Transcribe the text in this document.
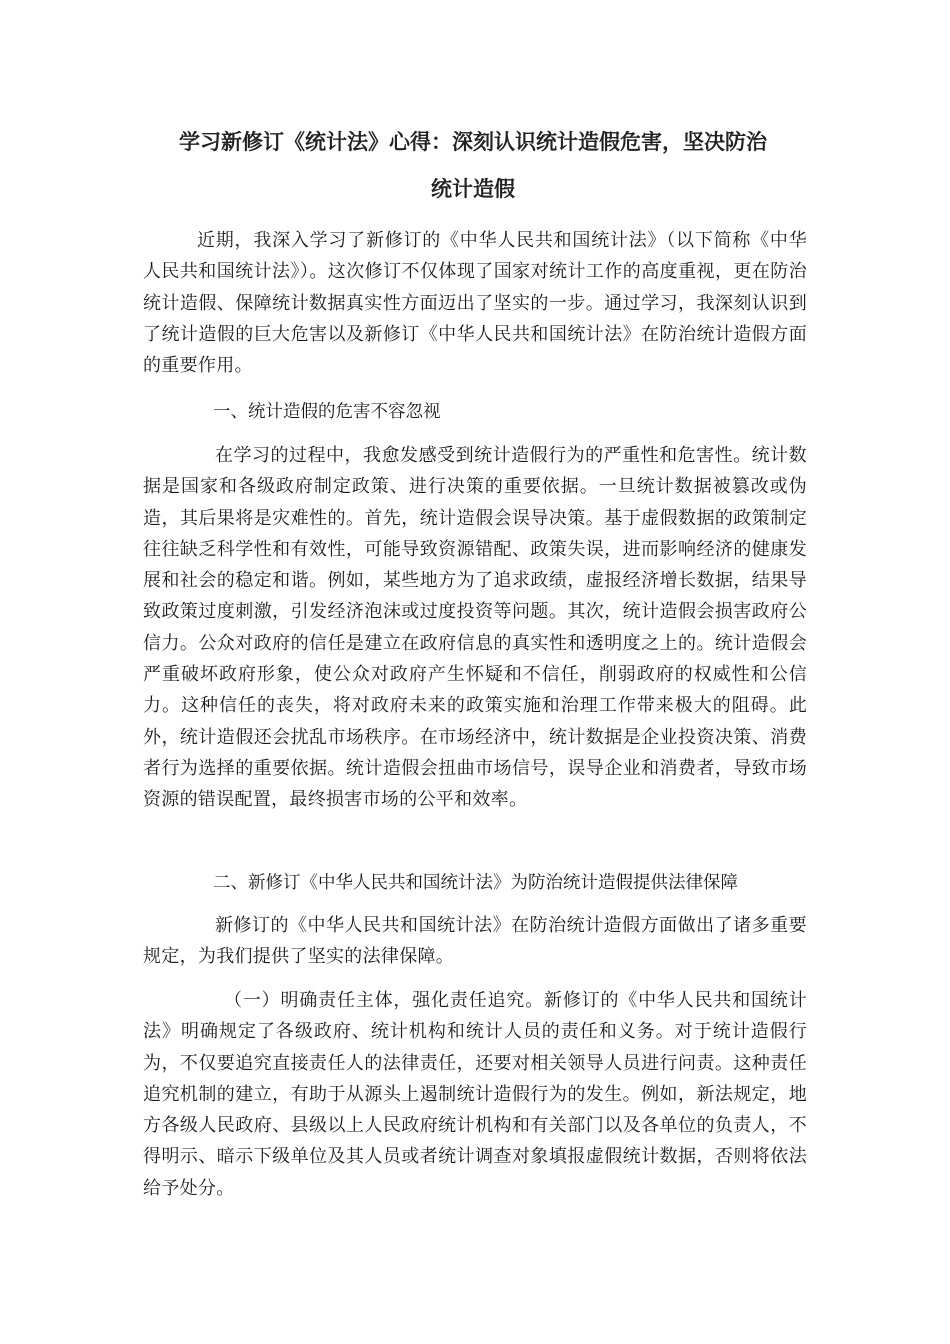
学习新修订《统计法》心得：深刻认识统计造假危害，坚决防治
统计造假

近期，我深入学习了新修订的《中华人民共和国统计法》（以下简称《中华人民共和国统计法》）。这次修订不仅体现了国家对统计工作的高度重视，更在防治统计造假、保障统计数据真实性方面迈出了坚实的一步。通过学习，我深刻认识到了统计造假的巨大危害以及新修订《中华人民共和国统计法》在防治统计造假方面的重要作用。

一、统计造假的危害不容忽视

在学习的过程中，我愈发感受到统计造假行为的严重性和危害性。统计数据是国家和各级政府制定政策、进行决策的重要依据。一旦统计数据被篡改或伪造，其后果将是灾难性的。首先，统计造假会误导决策。基于虚假数据的政策制定往往缺乏科学性和有效性，可能导致资源错配、政策失误，进而影响经济的健康发展和社会的稳定和谐。例如，某些地方为了追求政绩，虚报经济增长数据，结果导致政策过度刺激，引发经济泡沫或过度投资等问题。其次，统计造假会损害政府公信力。公众对政府的信任是建立在政府信息的真实性和透明度之上的。统计造假会严重破坏政府形象，使公众对政府产生怀疑和不信任，削弱政府的权威性和公信力。这种信任的丧失，将对政府未来的政策实施和治理工作带来极大的阻碍。此外，统计造假还会扰乱市场秩序。在市场经济中，统计数据是企业投资决策、消费者行为选择的重要依据。统计造假会扭曲市场信号，误导企业和消费者，导致市场资源的错误配置，最终损害市场的公平和效率。

二、新修订《中华人民共和国统计法》为防治统计造假提供法律保障

新修订的《中华人民共和国统计法》在防治统计造假方面做出了诸多重要规定，为我们提供了坚实的法律保障。

（一）明确责任主体，强化责任追究。新修订的《中华人民共和国统计法》明确规定了各级政府、统计机构和统计人员的责任和义务。对于统计造假行为，不仅要追究直接责任人的法律责任，还要对相关领导人员进行问责。这种责任追究机制的建立，有助于从源头上遏制统计造假行为的发生。例如，新法规定，地方各级人民政府、县级以上人民政府统计机构和有关部门以及各单位的负责人，不得明示、暗示下级单位及其人员或者统计调查对象填报虚假统计数据，否则将依法给予处分。
